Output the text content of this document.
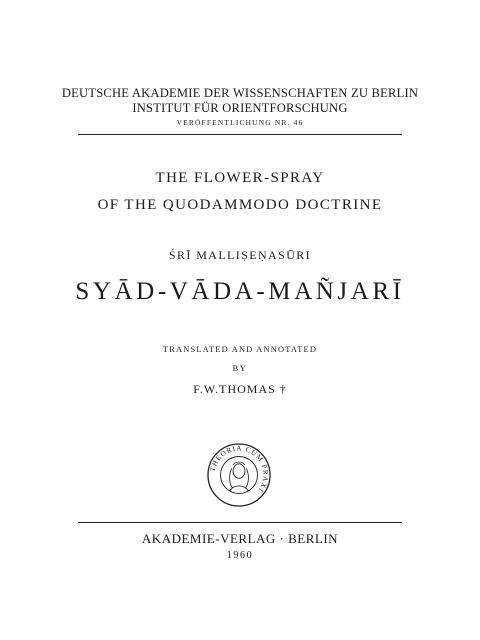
DEUTSCHE AKADEMIE DER WISSENSCHAFTEN ZU BERLIN
INSTITUT FÜR ORIENTFORSCHUNG
VERÖFFENTLICHUNG NR. 46
THE FLOWER-SPRAY
OF THE QUODAMMODO DOCTRINE
ŚRĪ MALLIṢEṆASŪRI
SYĀD-VĀDA-MAÑJARĪ
TRANSLATED AND ANNOTATED
BY
F.W.THOMAS †
THEORIA CUM PRAXI
AKADEMIE-VERLAG · BERLIN
1960
